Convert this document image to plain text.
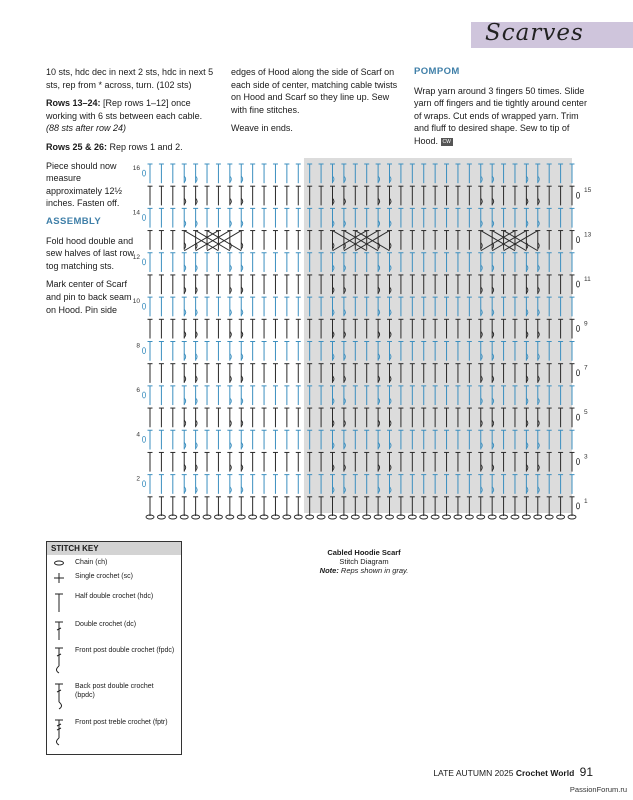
Scarves

10 sts, hdc dec in next 2 sts, hdc in next 5 sts, rep from * across, turn. (102 sts)

Rows 13–24: [Rep rows 1–12] once working with 6 sts between each cable.
(88 sts after row 24)

Rows 25 & 26: Rep rows 1 and 2.

Piece should now measure approximately 12½ inches. Fasten off.

ASSEMBLY

Fold hood double and sew halves of last row tog matching sts.

Mark center of Scarf and pin to back seam on Hood. Pin side

edges of Hood along the side of Scarf on each side of center, matching cable twists on Hood and Scarf so they line up. Sew with fine stitches.

Weave in ends.

POMPOM

Wrap yarn around 3 fingers 50 times. Slide yarn off fingers and tie tightly around center of wraps. Cut ends of wrapped yarn. Trim and fluff to desired shape. Sew to tip of Hood. CW

16
14
12
10
8
6
4
2
15
13
11
9
7
5
3
1
STITCH KEY
Chain (ch)
Single crochet (sc)
Half double crochet (hdc)
Double crochet (dc)
Front post double crochet (fpdc)
Back post double crochet (bpdc)
Front post treble crochet (fptr)
Cabled Hoodie Scarf
Stitch Diagram
Note: Reps shown in gray.
LATE AUTUMN 2025 Crochet World 91
PassionForum.ru
